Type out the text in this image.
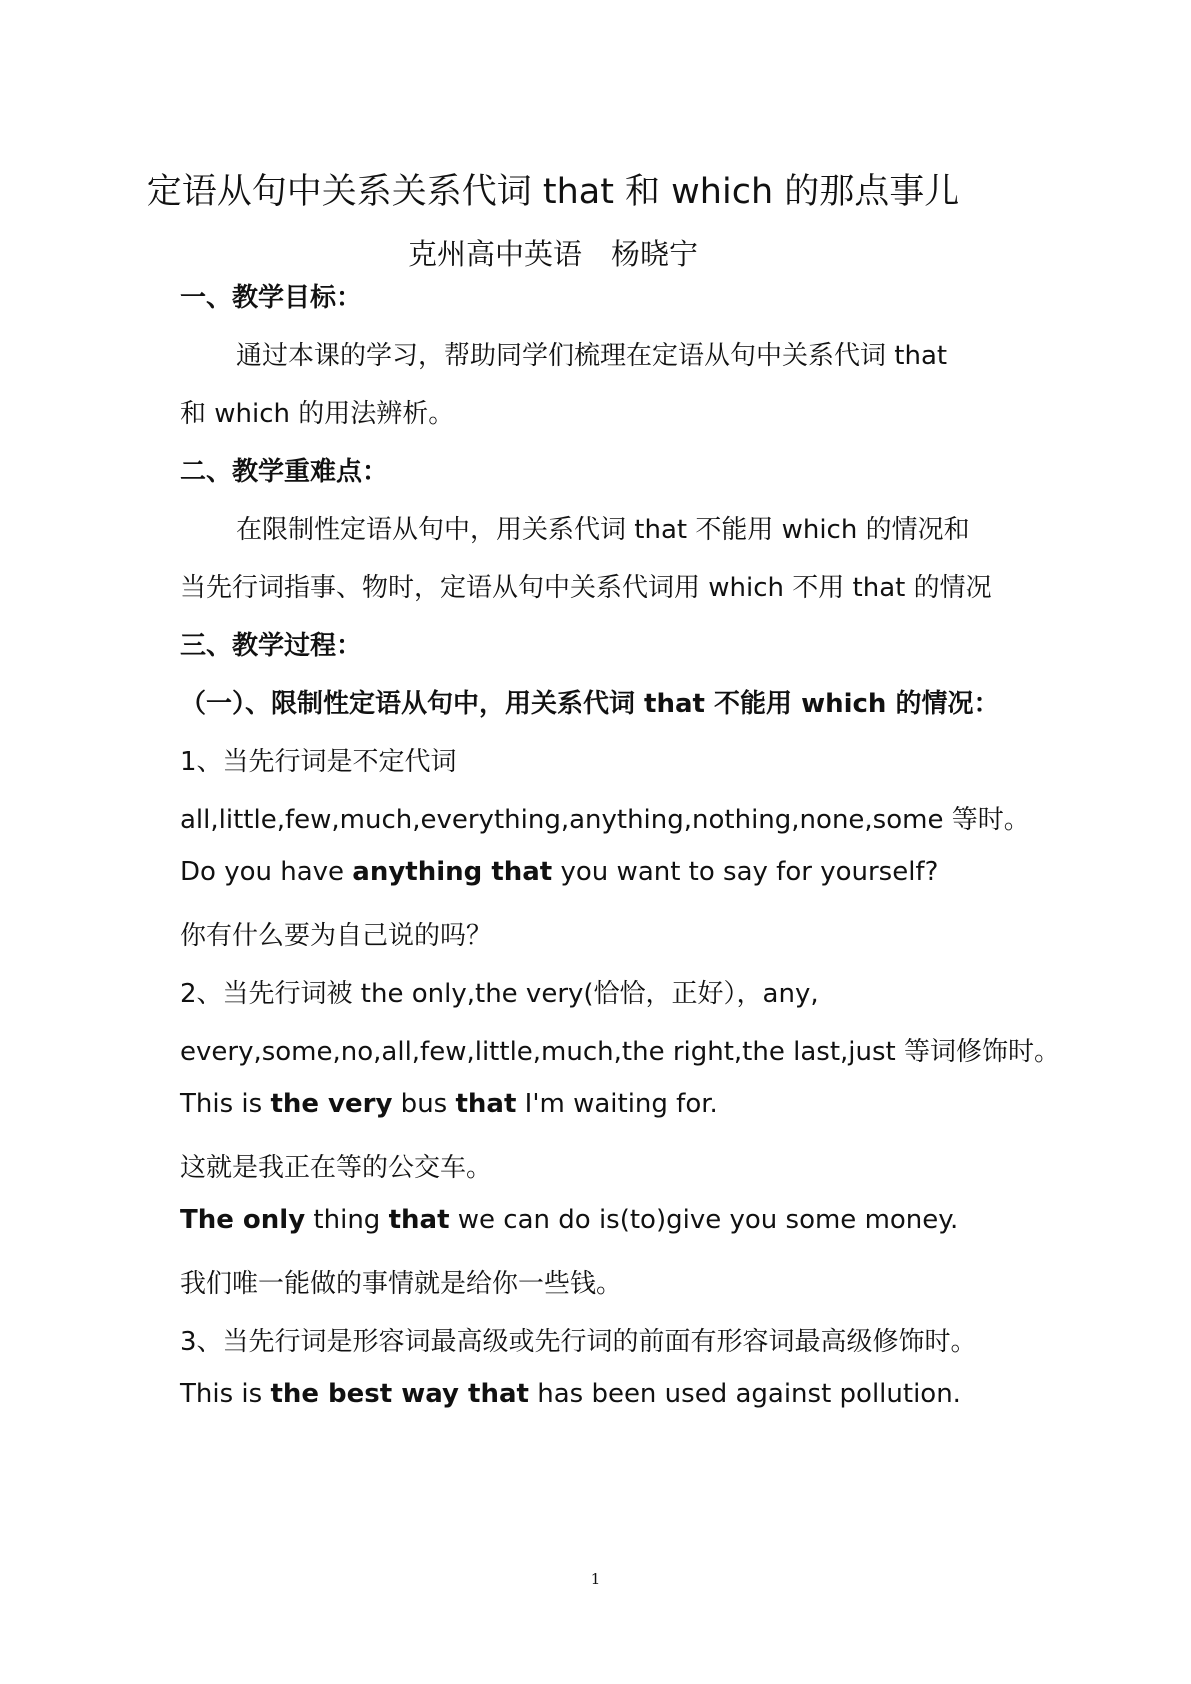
定语从句中关系关系代词 that 和 which 的那点事儿
克州高中英语　杨晓宁
一、教学目标：
通过本课的学习，帮助同学们梳理在定语从句中关系代词 that
和 which 的用法辨析。
二、教学重难点：
在限制性定语从句中，用关系代词 that 不能用 which 的情况和
当先行词指事、物时，定语从句中关系代词用 which 不用 that 的情况
三、教学过程：
（一）、限制性定语从句中，用关系代词 that 不能用 which 的情况：
1、当先行词是不定代词
all,little,few,much,everything,anything,nothing,none,some 等时。
Do you have anything that you want to say for yourself?
你有什么要为自己说的吗？
2、当先行词被 the only,the very(恰恰，正好），any,
every,some,no,all,few,little,much,the right,the last,just 等词修饰时。
This is the very bus that I'm waiting for.
这就是我正在等的公交车。
The only thing that we can do is(to)give you some money.
我们唯一能做的事情就是给你一些钱。
3、当先行词是形容词最高级或先行词的前面有形容词最高级修饰时。
This is the best way that has been used against pollution.
1
